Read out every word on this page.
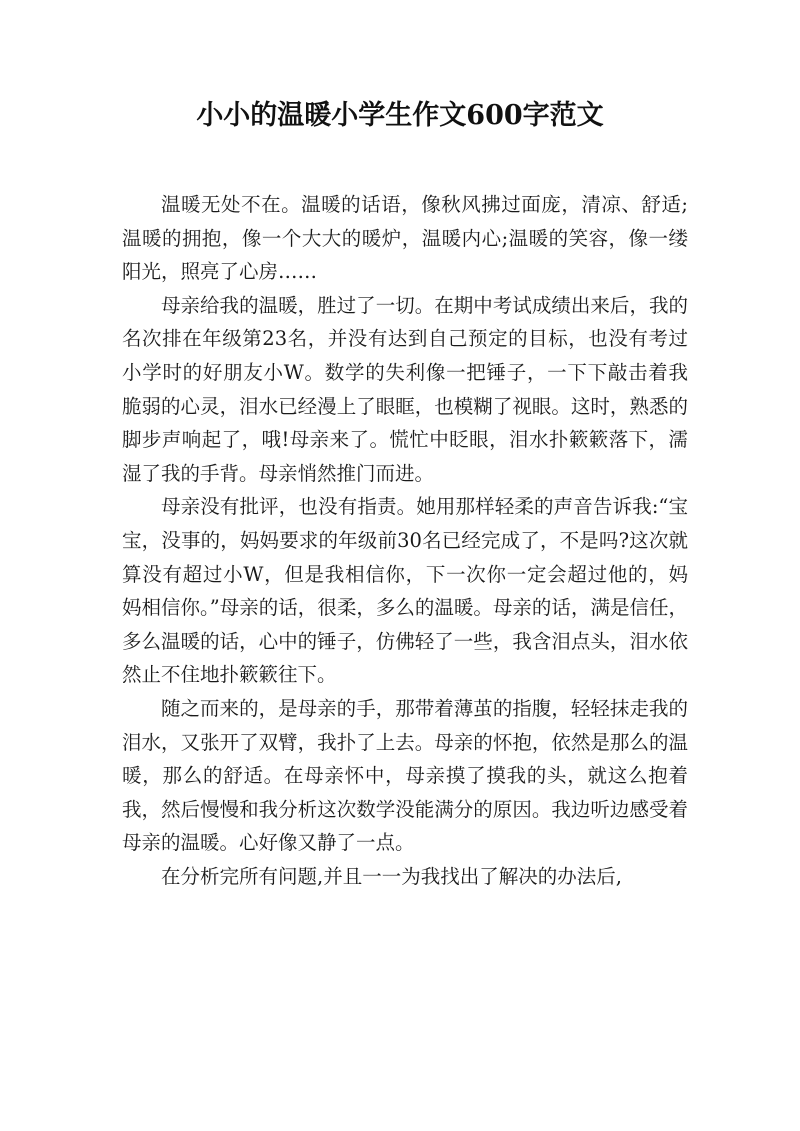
小小的温暖小学生作文600字范文

温暖无处不在。温暖的话语，像秋风拂过面庞，清凉、舒适;温暖的拥抱，像一个大大的暖炉，温暖内心;温暖的笑容，像一缕阳光，照亮了心房……

母亲给我的温暖，胜过了一切。在期中考试成绩出来后，我的名次排在年级第23名，并没有达到自己预定的目标，也没有考过小学时的好朋友小W。数学的失利像一把锤子，一下下敲击着我脆弱的心灵，泪水已经漫上了眼眶，也模糊了视眼。这时，熟悉的脚步声响起了，哦!母亲来了。慌忙中眨眼，泪水扑簌簌落下，濡湿了我的手背。母亲悄然推门而进。

母亲没有批评，也没有指责。她用那样轻柔的声音告诉我:“宝宝，没事的，妈妈要求的年级前30名已经完成了，不是吗?这次就算没有超过小W，但是我相信你，下一次你一定会超过他的，妈妈相信你。”母亲的话，很柔，多么的温暖。母亲的话，满是信任，多么温暖的话，心中的锤子，仿佛轻了一些，我含泪点头，泪水依然止不住地扑簌簌往下。

随之而来的，是母亲的手，那带着薄茧的指腹，轻轻抹走我的泪水，又张开了双臂，我扑了上去。母亲的怀抱，依然是那么的温暖，那么的舒适。在母亲怀中，母亲摸了摸我的头，就这么抱着我，然后慢慢和我分析这次数学没能满分的原因。我边听边感受着母亲的温暖。心好像又静了一点。

在分析完所有问题,并且一一为我找出了解决的办法后,
